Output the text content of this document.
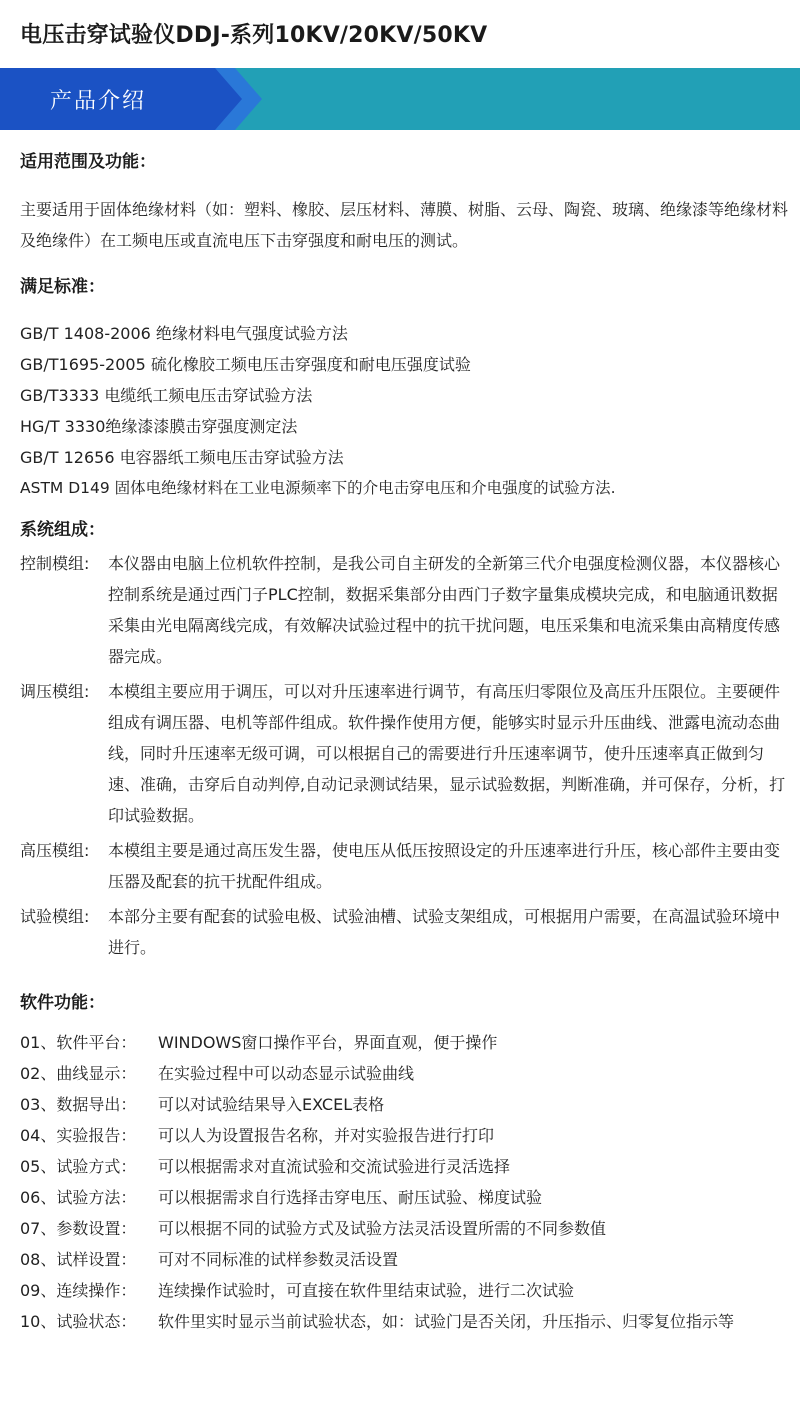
电压击穿试验仪DDJ-系列10KV/20KV/50KV
产品介绍
适用范围及功能：
主要适用于固体绝缘材料（如：塑料、橡胶、层压材料、薄膜、树脂、云母、陶瓷、玻璃、绝缘漆等绝缘材料及绝缘件）在工频电压或直流电压下击穿强度和耐电压的测试。
满足标准：
GB/T 1408-2006 绝缘材料电气强度试验方法
GB/T1695-2005 硫化橡胶工频电压击穿强度和耐电压强度试验
GB/T3333 电缆纸工频电压击穿试验方法
HG/T 3330绝缘漆漆膜击穿强度测定法
GB/T 12656 电容器纸工频电压击穿试验方法
ASTM D149 固体电绝缘材料在工业电源频率下的介电击穿电压和介电强度的试验方法.
系统组成：
控制模组:	本仪器由电脑上位机软件控制，是我公司自主研发的全新第三代介电强度检测仪器，本仪器核心控制系统是通过西门子PLC控制，数据采集部分由西门子数字量集成模块完成，和电脑通讯数据采集由光电隔离线完成，有效解决试验过程中的抗干扰问题，电压采集和电流采集由高精度传感器完成。
调压模组:	本模组主要应用于调压，可以对升压速率进行调节，有高压归零限位及高压升压限位。主要硬件组成有调压器、电机等部件组成。软件操作使用方便，能够实时显示升压曲线、泄露电流动态曲线，同时升压速率无级可调，可以根据自己的需要进行升压速率调节，使升压速率真正做到匀速、准确，击穿后自动判停,自动记录测试结果，显示试验数据，判断准确，并可保存，分析，打印试验数据。
高压模组:	本模组主要是通过高压发生器，使电压从低压按照设定的升压速率进行升压，核心部件主要由变压器及配套的抗干扰配件组成。
试验模组:	本部分主要有配套的试验电极、试验油槽、试验支架组成，可根据用户需要，在高温试验环境中进行。
软件功能：
01、软件平台：	WINDOWS窗口操作平台，界面直观，便于操作
02、曲线显示：	在实验过程中可以动态显示试验曲线
03、数据导出：	可以对试验结果导入EXCEL表格
04、实验报告：	可以人为设置报告名称，并对实验报告进行打印
05、试验方式：	可以根据需求对直流试验和交流试验进行灵活选择
06、试验方法：	可以根据需求自行选择击穿电压、耐压试验、梯度试验
07、参数设置：	可以根据不同的试验方式及试验方法灵活设置所需的不同参数值
08、试样设置：	可对不同标准的试样参数灵活设置
09、连续操作：	连续操作试验时，可直接在软件里结束试验，进行二次试验
10、试验状态：	软件里实时显示当前试验状态，如：试验门是否关闭，升压指示、归零复位指示等
